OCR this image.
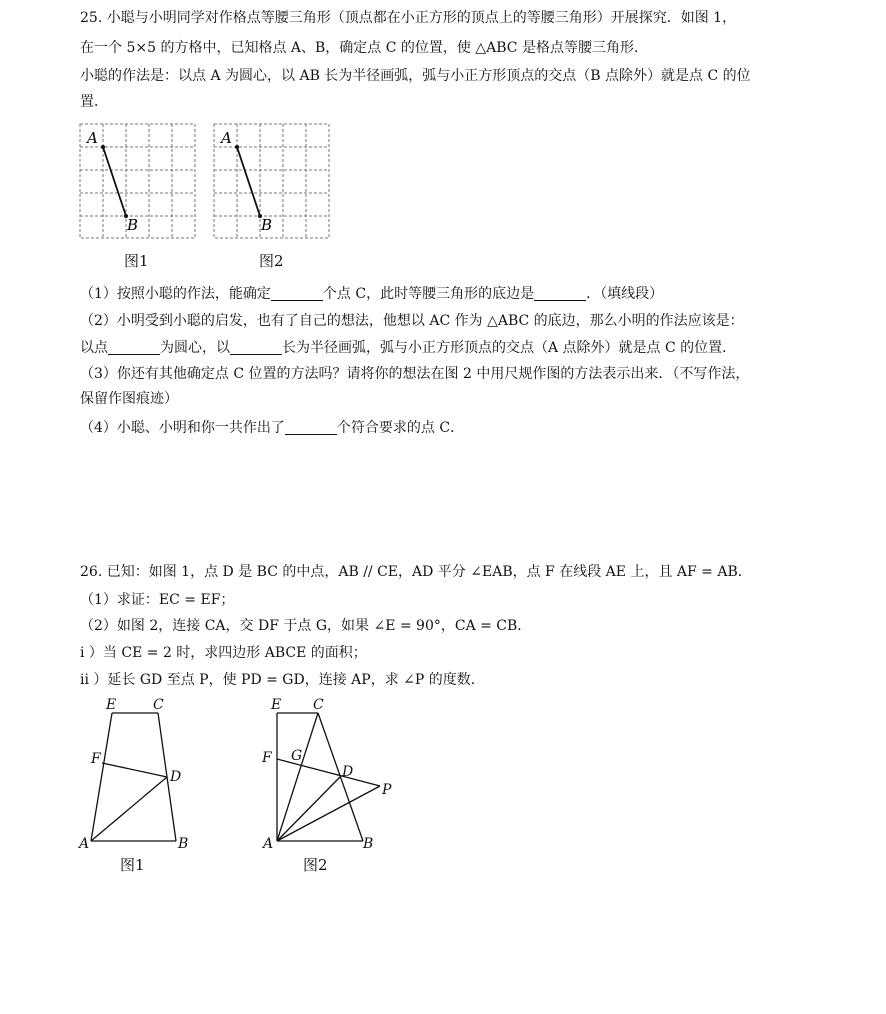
25. 小聪与小明同学对作格点等腰三角形（顶点都在小正方形的顶点上的等腰三角形）开展探究．如图 1，
在一个 5×5 的方格中，已知格点 A、B，确定点 C 的位置，使 △ABC 是格点等腰三角形．
小聪的作法是：以点 A 为圆心，以 AB 长为半径画弧，弧与小正方形顶点的交点（B 点除外）就是点 C 的位
置．
A
B
图1
A
B
图2
（1）按照小聪的作法，能确定	个点 C，此时等腰三角形的底边是	．（填线段）
（2）小明受到小聪的启发，也有了自己的想法，他想以 AC 作为 △ABC 的底边，那么小明的作法应该是：
以点	为圆心，以	长为半径画弧，弧与小正方形顶点的交点（A 点除外）就是点 C 的位置．
（3）你还有其他确定点 C 位置的方法吗？请将你的想法在图 2 中用尺规作图的方法表示出来．（不写作法，
保留作图痕迹）
（4）小聪、小明和你一共作出了	个符合要求的点 C．
26. 已知：如图 1，点 D 是 BC 的中点，AB // CE，AD 平分 ∠EAB，点 F 在线段 AE 上，且 AF = AB．
（1）求证：EC = EF；
（2）如图 2，连接 CA，交 DF 于点 G，如果 ∠E = 90°，CA = CB．
i ）当 CE = 2 时，求四边形 ABCE 的面积；
ii ）延长 GD 至点 P，使 PD = GD，连接 AP，求 ∠P 的度数．
E	C
F
D
A	B
图1
E C
F G
D
P
A	B
图2
